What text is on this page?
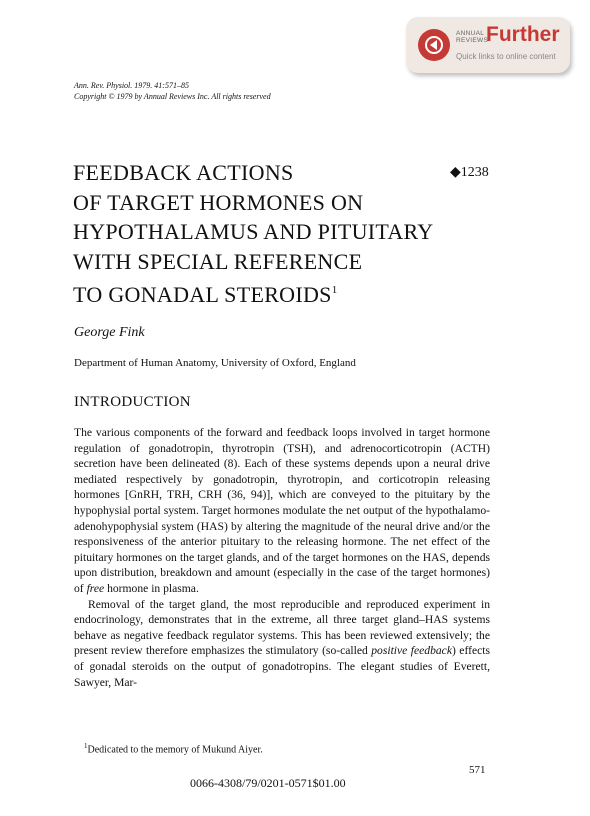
ANNUAL
REVIEWS
Further
Quick links to online content
Ann. Rev. Physiol. 1979. 41:571–85
Copyright © 1979 by Annual Reviews Inc. All rights reserved
FEEDBACK ACTIONS
OF TARGET HORMONES ON
HYPOTHALAMUS AND PITUITARY
WITH SPECIAL REFERENCE
TO GONADAL STEROIDS$^1$
◆1238
George Fink
Department of Human Anatomy, University of Oxford, England
INTRODUCTION

The various components of the forward and feedback loops involved in target hormone regulation of gonadotropin, thyrotropin (TSH), and adrenocorticotropin (ACTH) secretion have been delineated (8). Each of these systems depends upon a neural drive mediated respectively by gonadotropin, thyrotropin, and corticotropin releasing hormones [GnRH, TRH, CRH (36, 94)], which are conveyed to the pituitary by the hypophysial portal system. Target hormones modulate the net output of the hypothalamo-adenohypophysial system (HAS) by altering the magnitude of the neural drive and/or the responsiveness of the anterior pituitary to the releasing hormone. The net effect of the pituitary hormones on the target glands, and of the target hormones on the HAS, depends upon distribution, breakdown and amount (especially in the case of the target hormones) of free hormone in plasma.

Removal of the target gland, the most reproducible and reproduced experiment in endocrinology, demonstrates that in the extreme, all three target gland–HAS systems behave as negative feedback regulator systems. This has been reviewed extensively; the present review therefore emphasizes the stimulatory (so-called positive feedback) effects of gonadal steroids on the output of gonadotropins. The elegant studies of Everett, Sawyer, Mar-

$^1$Dedicated to the memory of Mukund Aiyer.
571
0066-4308/79/0201-0571$01.00
